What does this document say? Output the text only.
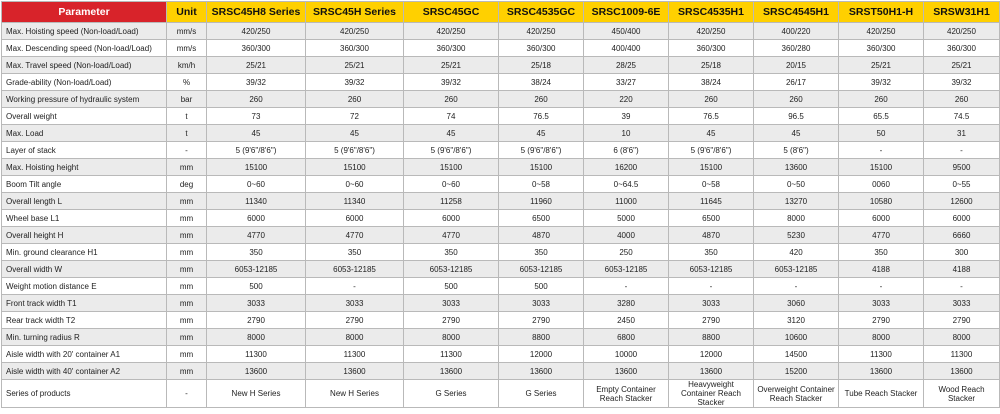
Parameter	Unit	SRSC45H8 Series	SRSC45H Series	SRSC45GC	SRSC4535GC	SRSC1009-6E	SRSC4535H1	SRSC4545H1	SRST50H1-H	SRSW31H1
Max. Hoisting speed (Non-load/Load)	mm/s	420/250	420/250	420/250	420/250	450/400	420/250	400/220	420/250	420/250
Max. Descending speed (Non-load/Load)	mm/s	360/300	360/300	360/300	360/300	400/400	360/300	360/280	360/300	360/300
Max. Travel speed (Non-load/Load)	km/h	25/21	25/21	25/21	25/18	28/25	25/18	20/15	25/21	25/21
Grade-ability (Non-load/Load)	%	39/32	39/32	39/32	38/24	33/27	38/24	26/17	39/32	39/32
Working pressure of hydraulic system	bar	260	260	260	260	220	260	260	260	260
Overall weight	t	73	72	74	76.5	39	76.5	96.5	65.5	74.5
Max. Load	t	45	45	45	45	10	45	45	50	31
Layer of stack	-	5 (9'6"/8'6")	5 (9'6"/8'6")	5 (9'6"/8'6")	5 (9'6"/8'6")	6 (8'6")	5 (9'6"/8'6")	5 (8'6")	-	-
Max. Hoisting height	mm	15100	15100	15100	15100	16200	15100	13600	15100	9500
Boom Tilt angle	deg	0~60	0~60	0~60	0~58	0~64.5	0~58	0~50	0060	0~55
Overall length L	mm	11340	11340	11258	11960	11000	11645	13270	10580	12600
Wheel base L1	mm	6000	6000	6000	6500	5000	6500	8000	6000	6000
Overall height H	mm	4770	4770	4770	4870	4000	4870	5230	4770	6660
Min. ground clearance H1	mm	350	350	350	350	250	350	420	350	300
Overall width W	mm	6053-12185	6053-12185	6053-12185	6053-12185	6053-12185	6053-12185	6053-12185	4188	4188
Weight motion distance E	mm	500	-	500	500	-	-	-	-	-
Front track width T1	mm	3033	3033	3033	3033	3280	3033	3060	3033	3033
Rear track width T2	mm	2790	2790	2790	2790	2450	2790	3120	2790	2790
Min. turning radius R	mm	8000	8000	8000	8800	6800	8800	10600	8000	8000
Aisle width with 20' container A1	mm	11300	11300	11300	12000	10000	12000	14500	11300	11300
Aisle width with 40' container A2	mm	13600	13600	13600	13600	13600	13600	15200	13600	13600
Series of products	-	New H Series	New H Series	G Series	G Series	Empty Container Reach Stacker	Heavyweight Container Reach Stacker	Overweight Container Reach Stacker	Tube Reach Stacker	Wood Reach Stacker
